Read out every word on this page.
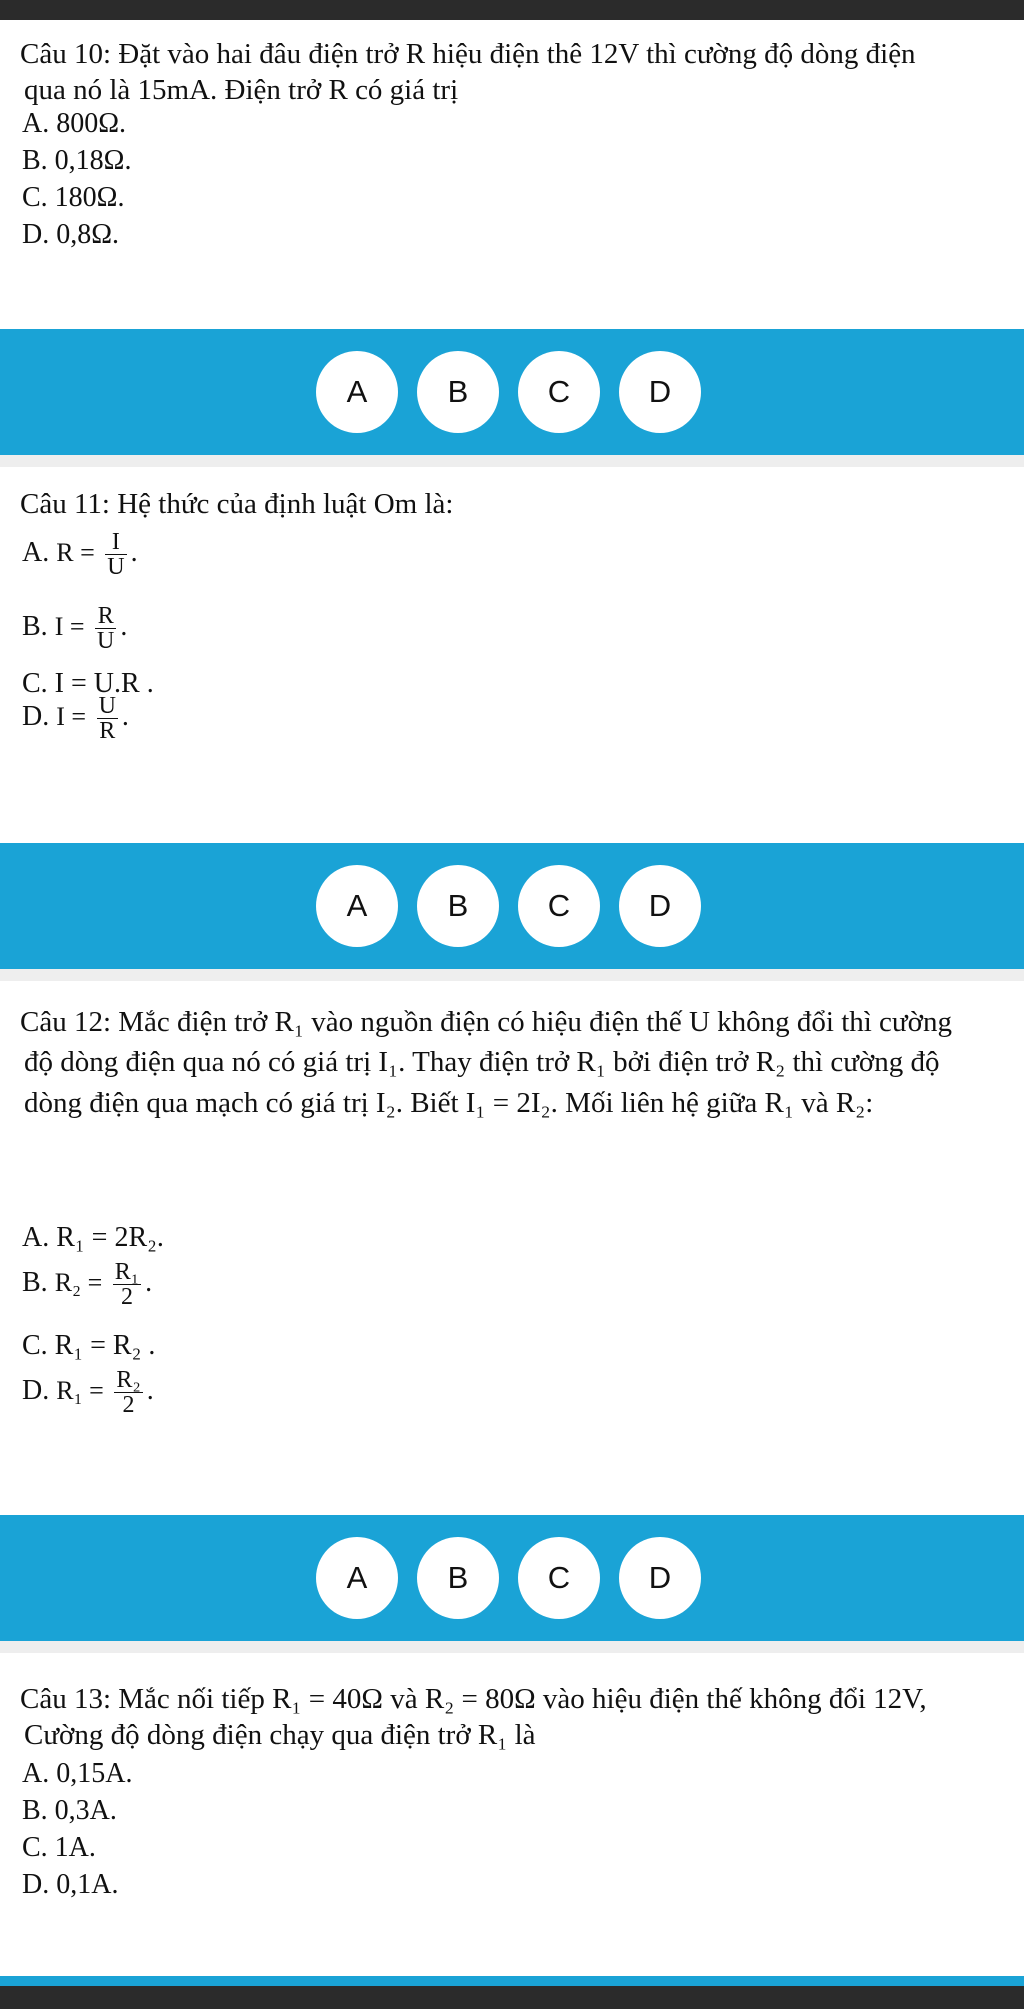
Câu 10: Đặt vào hai đâu điện trở R hiệu điện thê 12V thì cường độ dòng điện
qua nó là 15mA. Điện trở R có giá trị
A. 800Ω.
B. 0,18Ω.
C. 180Ω.
D. 0,8Ω.
A	B	C	D
Câu 11: Hệ thức của định luật Om là:
A. $R = \frac{I}{U}$ .
B. $I = \frac{R}{U}$ .
C. I = U.R .
D. $I = \frac{U}{R}$ .
A	B	C	D
Câu 12: Mắc điện trở R₁ vào nguồn điện có hiệu điện thế U không đổi thì cường
độ dòng điện qua nó có giá trị I₁. Thay điện trở R₁ bởi điện trở R₂ thì cường độ
dòng điện qua mạch có giá trị I₂. Biết I₁ = 2I₂. Mối liên hệ giữa R₁ và R₂:
A. R₁ = 2R₂.
B. $R_2 = \frac{\text{R₁}}{2}$ .
C. R₁ = R₂ .
D. $R_1 = \frac{\text{R₂}}{2}$ .
A	B	C	D
Câu 13: Mắc nối tiếp R₁ = 40Ω và R₂ = 80Ω vào hiệu điện thế không đổi 12V,
Cường độ dòng điện chạy qua điện trở R₁ là
A. 0,15A.
B. 0,3A.
C. 1A.
D. 0,1A.
